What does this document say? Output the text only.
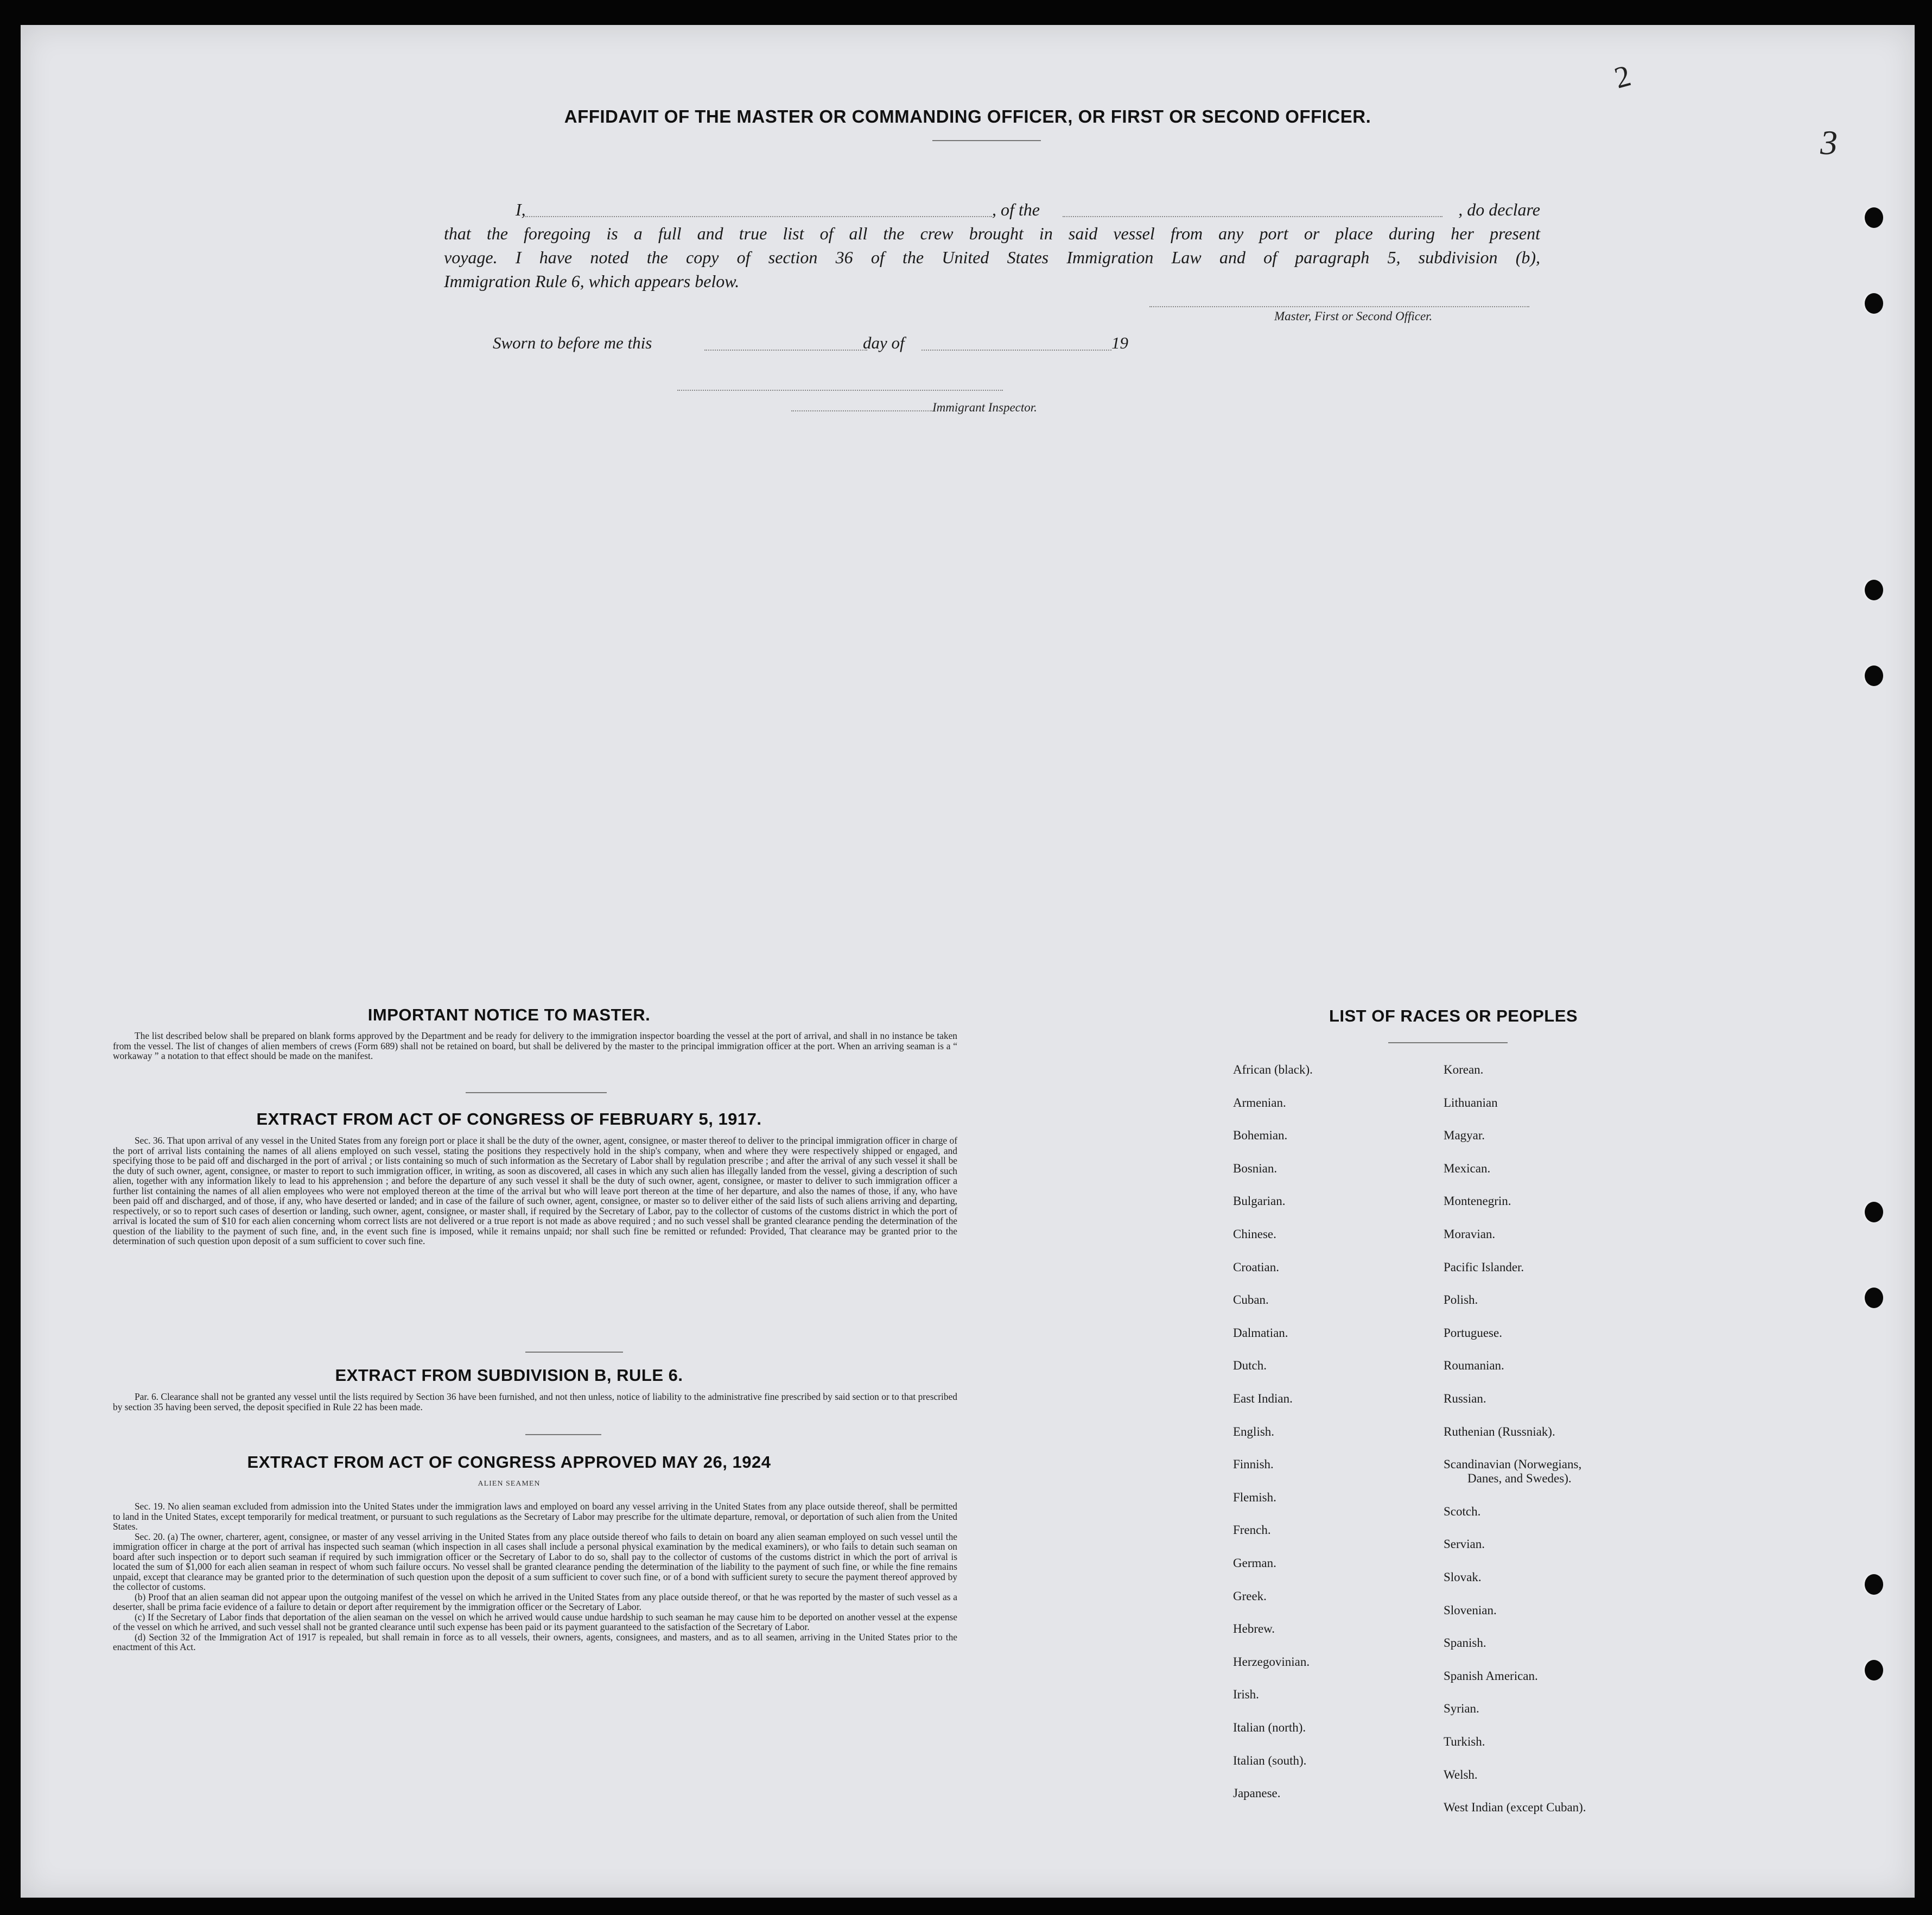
2
3
AFFIDAVIT OF THE MASTER OR COMMANDING OFFICER, OR FIRST OR SECOND OFFICER.
I,	, of the	, do declare

that the foregoing is a full and true list of all the crew brought in said vessel from any port or place during her present

voyage. I have noted the copy of section 36 of the United States Immigration Law and of paragraph 5, subdivision (b),

Immigration Rule 6, which appears below.

Master, First or Second Officer.
Sworn to before me this	day of	19
Immigrant Inspector.
IMPORTANT NOTICE TO MASTER.

The list described below shall be prepared on blank forms approved by the Department and be ready for delivery to the immigration inspector boarding the vessel at the port of arrival, and shall in no instance be taken from the vessel. The list of changes of alien members of crews (Form 689) shall not be retained on board, but shall be delivered by the master to the principal immigration officer at the port. When an arriving seaman is a “ workaway ” a notation to that effect should be made on the manifest.

EXTRACT FROM ACT OF CONGRESS OF FEBRUARY 5, 1917.

Sec. 36. That upon arrival of any vessel in the United States from any foreign port or place it shall be the duty of the owner, agent, consignee, or master thereof to deliver to the principal immigration officer in charge of the port of arrival lists containing the names of all aliens employed on such vessel, stating the positions they respectively hold in the ship's company, when and where they were respectively shipped or engaged, and specifying those to be paid off and discharged in the port of arrival ; or lists containing so much of such information as the Secretary of Labor shall by regulation prescribe ; and after the arrival of any such vessel it shall be the duty of such owner, agent, consignee, or master to report to such immigration officer, in writing, as soon as discovered, all cases in which any such alien has illegally landed from the vessel, giving a description of such alien, together with any information likely to lead to his apprehension ; and before the departure of any such vessel it shall be the duty of such owner, agent, consignee, or master to deliver to such immigration officer a further list containing the names of all alien employees who were not employed thereon at the time of the arrival but who will leave port thereon at the time of her departure, and also the names of those, if any, who have been paid off and discharged, and of those, if any, who have deserted or landed; and in case of the failure of such owner, agent, consignee, or master so to deliver either of the said lists of such aliens arriving and departing, respectively, or so to report such cases of desertion or landing, such owner, agent, consignee, or master shall, if required by the Secretary of Labor, pay to the collector of customs of the customs district in which the port of arrival is located the sum of $10 for each alien concerning whom correct lists are not delivered or a true report is not made as above required ; and no such vessel shall be granted clearance pending the determination of the question of the liability to the payment of such fine, and, in the event such fine is imposed, while it remains unpaid; nor shall such fine be remitted or refunded: Provided, That clearance may be granted prior to the determination of such question upon deposit of a sum sufficient to cover such fine.

EXTRACT FROM SUBDIVISION B, RULE 6.

Par. 6. Clearance shall not be granted any vessel until the lists required by Section 36 have been furnished, and not then unless, notice of liability to the administrative fine prescribed by said section or to that prescribed by section 35 having been served, the deposit specified in Rule 22 has been made.

EXTRACT FROM ACT OF CONGRESS APPROVED MAY 26, 1924
ALIEN SEAMEN

Sec. 19. No alien seaman excluded from admission into the United States under the immigration laws and employed on board any vessel arriving in the United States from any place outside thereof, shall be permitted to land in the United States, except temporarily for medical treatment, or pursuant to such regulations as the Secretary of Labor may prescribe for the ultimate departure, removal, or deportation of such alien from the United States.

Sec. 20. (a) The owner, charterer, agent, consignee, or master of any vessel arriving in the United States from any place outside thereof who fails to detain on board any alien seaman employed on such vessel until the immigration officer in charge at the port of arrival has inspected such seaman (which inspection in all cases shall include a personal physical examination by the medical examiners), or who fails to detain such seaman on board after such inspection or to deport such seaman if required by such immigration officer or the Secretary of Labor to do so, shall pay to the collector of customs of the customs district in which the port of arrival is located the sum of $1,000 for each alien seaman in respect of whom such failure occurs. No vessel shall be granted clearance pending the determination of the liability to the payment of such fine, or while the fine remains unpaid, except that clearance may be granted prior to the determination of such question upon the deposit of a sum sufficient to cover such fine, or of a bond with sufficient surety to secure the payment thereof approved by the collector of customs.

(b) Proof that an alien seaman did not appear upon the outgoing manifest of the vessel on which he arrived in the United States from any place outside thereof, or that he was reported by the master of such vessel as a deserter, shall be prima facie evidence of a failure to detain or deport after requirement by the immigration officer or the Secretary of Labor.

(c) If the Secretary of Labor finds that deportation of the alien seaman on the vessel on which he arrived would cause undue hardship to such seaman he may cause him to be deported on another vessel at the expense of the vessel on which he arrived, and such vessel shall not be granted clearance until such expense has been paid or its payment guaranteed to the satisfaction of the Secretary of Labor.

(d) Section 32 of the Immigration Act of 1917 is repealed, but shall remain in force as to all vessels, their owners, agents, consignees, and masters, and as to all seamen, arriving in the United States prior to the enactment of this Act.

LIST OF RACES OR PEOPLES
African (black).
Armenian.
Bohemian.
Bosnian.
Bulgarian.
Chinese.
Croatian.
Cuban.
Dalmatian.
Dutch.
East Indian.
English.
Finnish.
Flemish.
French.
German.
Greek.
Hebrew.
Herzegovinian.
Irish.
Italian (north).
Italian (south).
Japanese.
Korean.
Lithuanian
Magyar.
Mexican.
Montenegrin.
Moravian.
Pacific Islander.
Polish.
Portuguese.
Roumanian.
Russian.
Ruthenian (Russniak).
Scandinavian (Norwegians,
Danes, and Swedes).
Scotch.
Servian.
Slovak.
Slovenian.
Spanish.
Spanish American.
Syrian.
Turkish.
Welsh.
West Indian (except Cuban).
